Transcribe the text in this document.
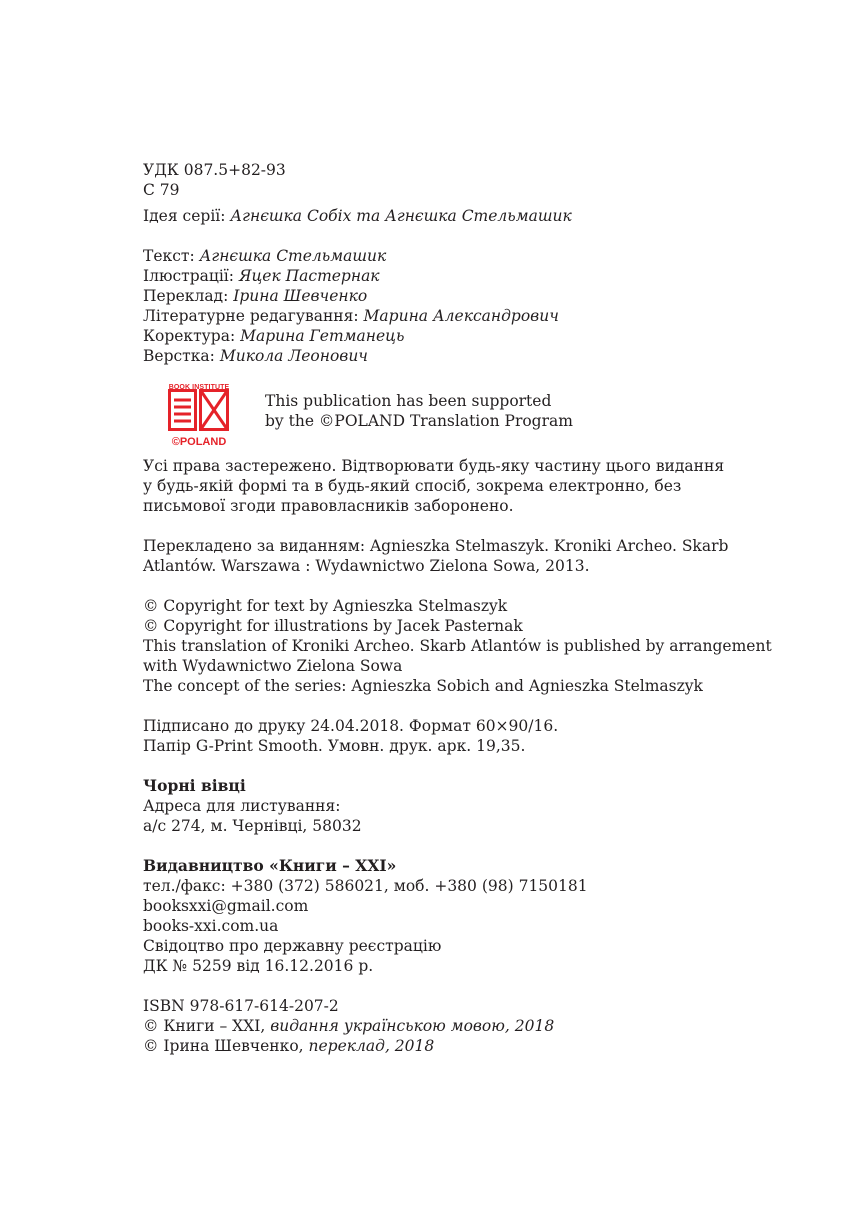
УДК 087.5+82-93
С 79
Ідея серії: Агнєшка Собіх та Агнєшка Стельмашик
Текст: Агнєшка Стельмашик
Ілюстрації: Яцек Пастернак
Переклад: Ірина Шевченко
Літературне редагування: Марина Александрович
Коректура: Марина Гетманець
Верстка: Микола Леонович
BOOK INSTITUTE
©POLAND
This publication has been supported
by the ©POLAND Translation Program
Усі права застережено. Відтворювати будь-яку частину цього видання
у будь-якій формі та в будь-який спосіб, зокрема електронно, без
письмової згоди правовласників заборонено.
Перекладено за виданням: Agnieszka Stelmaszyk. Kroniki Archeo. Skarb
Atlantów. Warszawa : Wydawnictwo Zielona Sowa, 2013.
© Copyright for text by Agnieszka Stelmaszyk
© Copyright for illustrations by Jacek Pasternak
This translation of Kroniki Archeo. Skarb Atlantów is published by arrangement
with Wydawnictwo Zielona Sowa
The concept of the series: Agnieszka Sobich and Agnieszka Stelmaszyk
Підписано до друку 24.04.2018. Формат 60×90/16.
Папір G-Print Smooth. Умовн. друк. арк. 19,35.
Чорні вівці
Адреса для листування:
а/с 274, м. Чернівці, 58032
Видавництво «Книги – ХХІ»
тел./факс: +380 (372) 586021, моб. +380 (98) 7150181
booksxxi@gmail.com
books-xxi.com.ua
Свідоцтво про державну реєстрацію
ДК № 5259 від 16.12.2016 р.
ISBN 978-617-614-207-2
© Книги – ХХІ, видання українською мовою, 2018
© Ірина Шевченко, переклад, 2018
